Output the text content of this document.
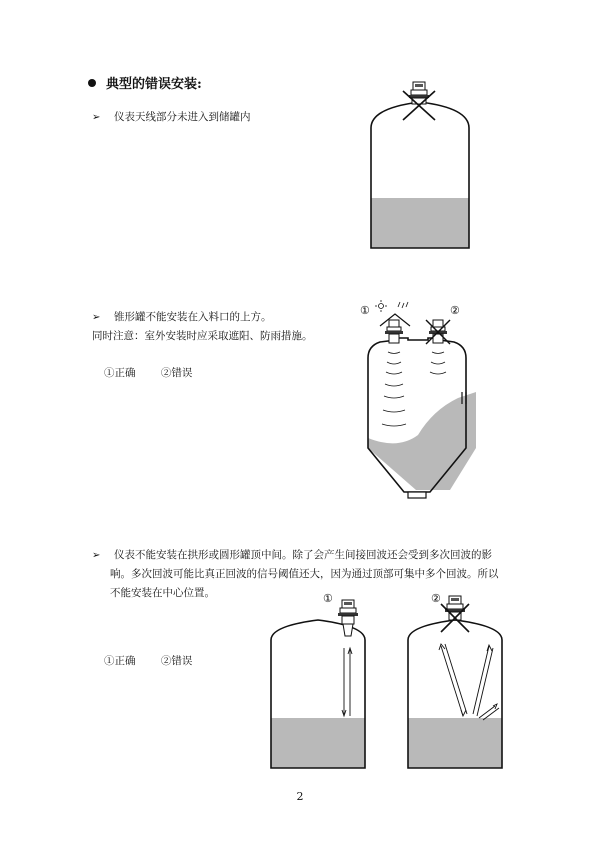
典型的错误安装:
➢	仪表天线部分未进入到储罐内
➢	锥形罐不能安装在入料口的上方。
同时注意：室外安装时应采取遮阳、防雨措施。
①正确 ②错误
①	②
➢	仪表不能安装在拱形或圆形罐顶中间。除了会产生间接回波还会受到多次回波的影
响。多次回波可能比真正回波的信号阈值还大，因为通过顶部可集中多个回波。所以
不能安装在中心位置。
①正确 ②错误
①	②
2
